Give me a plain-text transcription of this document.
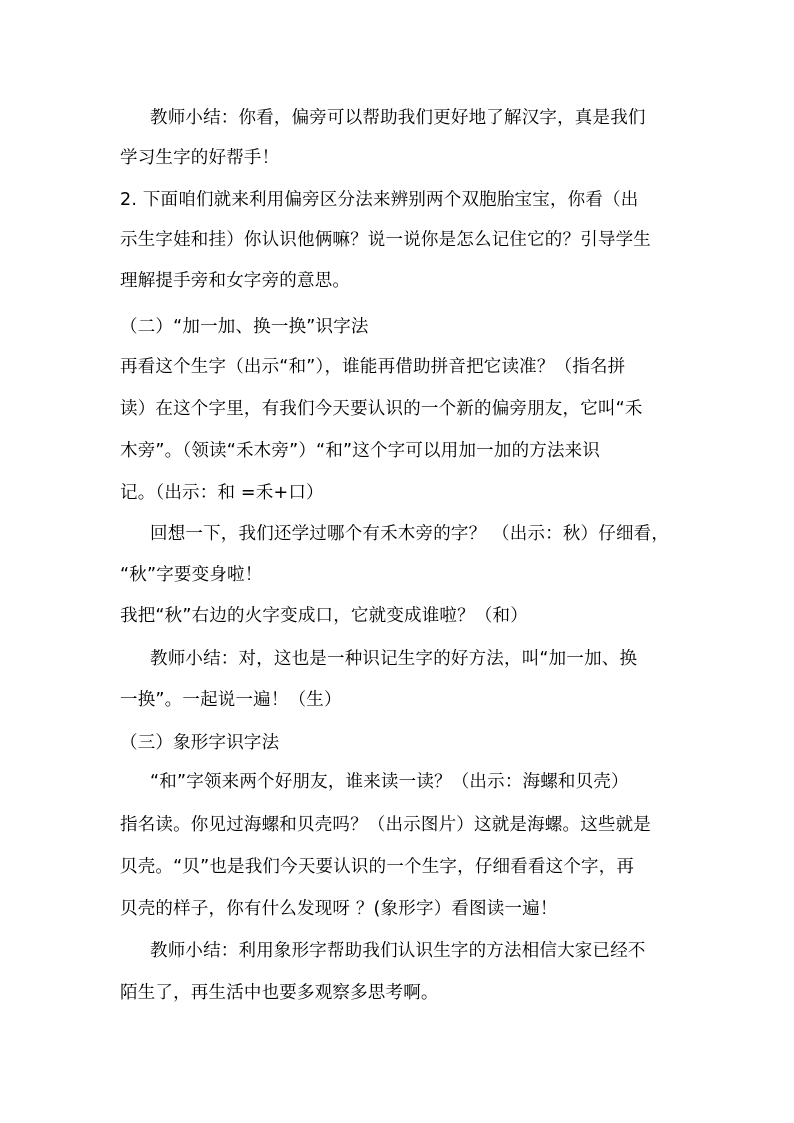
教师小结：你看，偏旁可以帮助我们更好地了解汉字，真是我们
学习生字的好帮手！
2. 下面咱们就来利用偏旁区分法来辨别两个双胞胎宝宝，你看（出
示生字娃和挂）你认识他俩嘛？说一说你是怎么记住它的？引导学生
理解提手旁和女字旁的意思。
（二）“加一加、换一换”识字法
再看这个生字（出示“和”），谁能再借助拼音把它读准？（指名拼
读）在这个字里，有我们今天要认识的一个新的偏旁朋友，它叫“禾
木旁”。（领读“禾木旁”）“和”这个字可以用加一加的方法来识
记。（出示：和 =禾+口）
回想一下，我们还学过哪个有禾木旁的字？ （出示：秋）仔细看，
“秋”字要变身啦！
我把“秋”右边的火字变成口，它就变成谁啦？（和）
教师小结：对，这也是一种识记生字的好方法，叫“加一加、换
一换”。一起说一遍！（生）
（三）象形字识字法
“和”字领来两个好朋友，谁来读一读？（出示：海螺和贝壳）
指名读。你见过海螺和贝壳吗？（出示图片）这就是海螺。这些就是
贝壳。“贝”也是我们今天要认识的一个生字，仔细看看这个字，再
贝壳的样子，你有什么发现呀 ？(象形字）看图读一遍！
教师小结：利用象形字帮助我们认识生字的方法相信大家已经不
陌生了，再生活中也要多观察多思考啊。
